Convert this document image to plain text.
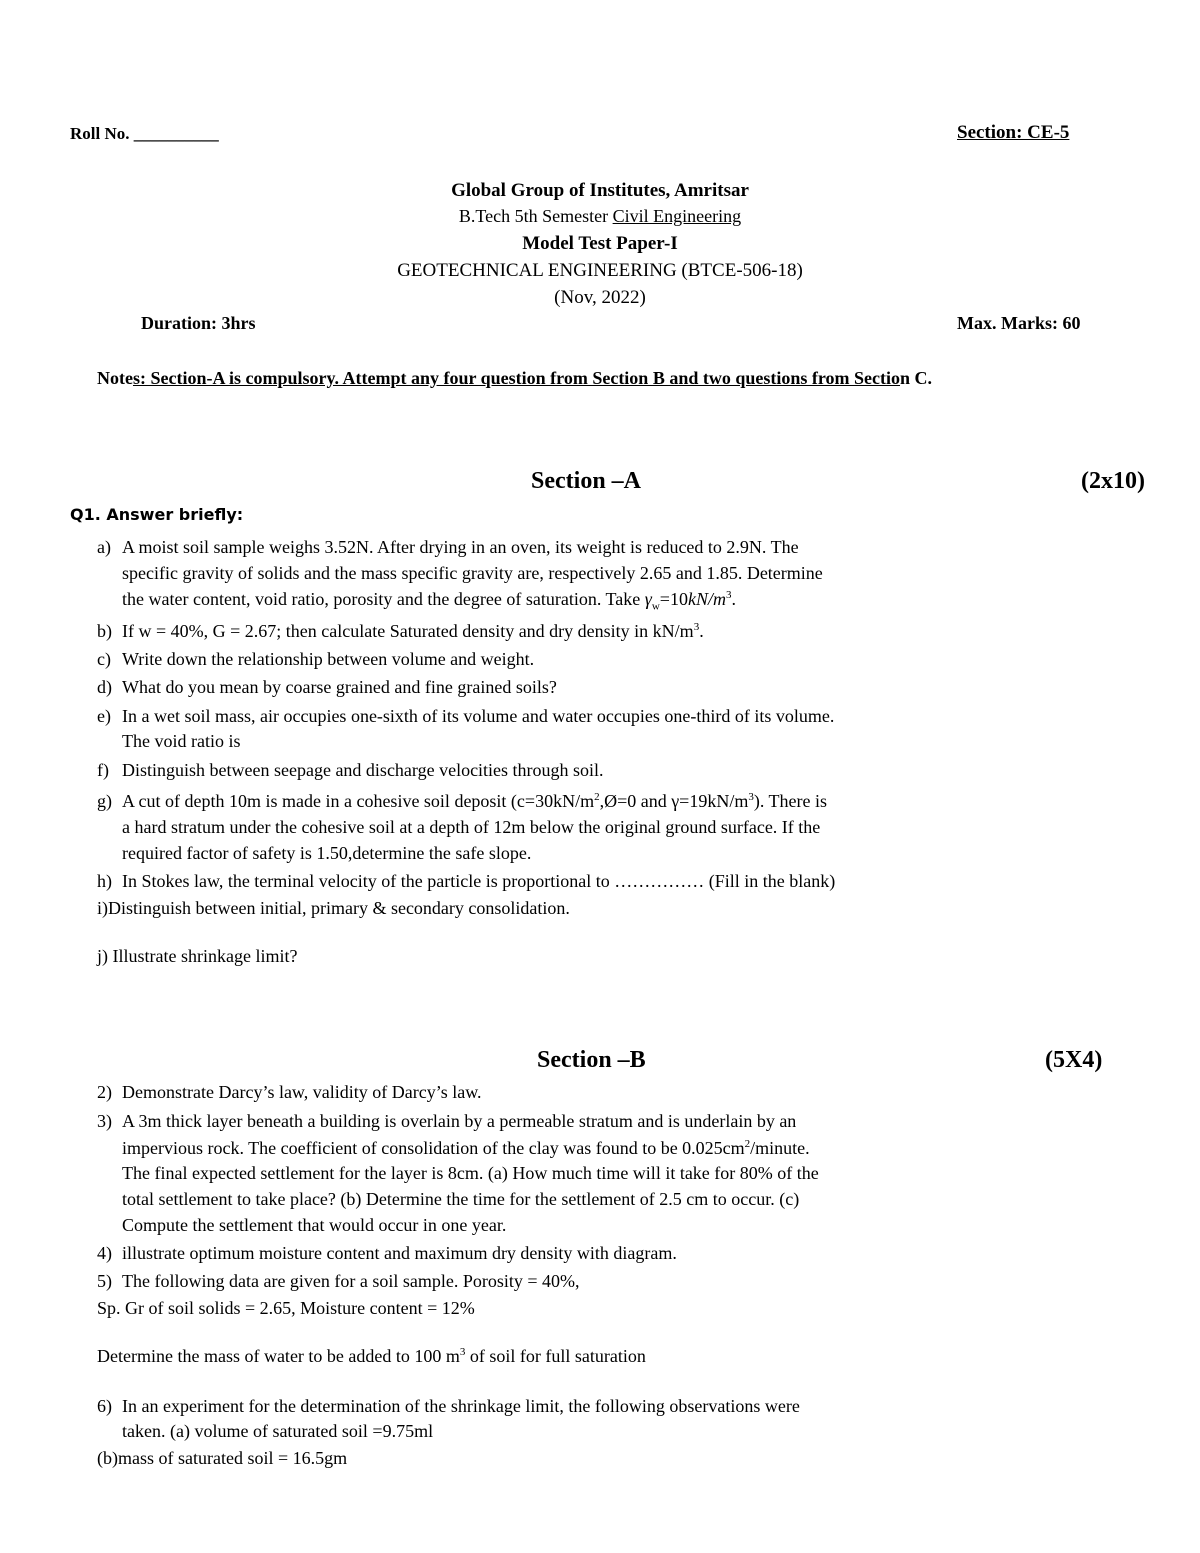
Roll No. __________	Section: CE-5
Global Group of Institutes, Amritsar
B.Tech 5th Semester Civil Engineering
Model Test Paper-I
GEOTECHNICAL ENGINEERING (BTCE-506-18)
(Nov, 2022)
Duration: 3hrs	Max. Marks: 60
Notes: Section-A is compulsory. Attempt any four question from Section B and two questions from Section C.
Section –A	(2x10)
Q1. Answer briefly:
a) A moist soil sample weighs 3.52N. After drying in an oven, its weight is reduced to 2.9N. The
specific gravity of solids and the mass specific gravity are, respectively 2.65 and 1.85. Determine
the water content, void ratio, porosity and the degree of saturation. Take $\gamma_w=10kN/m^3$.
b) If w = 40%, G = 2.67; then calculate Saturated density and dry density in $kN/m^3$.
c) Write down the relationship between volume and weight.
d) What do you mean by coarse grained and fine grained soils?
e) In a wet soil mass, air occupies one-sixth of its volume and water occupies one-third of its volume.
The void ratio is
f) Distinguish between seepage and discharge velocities through soil.
g) A cut of depth 10m is made in a cohesive soil deposit ($c=30kN/m^2,Ø=0$ and $\gamma=19kN/m^3$). There is
a hard stratum under the cohesive soil at a depth of 12m below the original ground surface. If the
required factor of safety is 1.50,determine the safe slope.
h) In Stokes law, the terminal velocity of the particle is proportional to …………… (Fill in the blank)
i)Distinguish between initial, primary & secondary consolidation.
j) Illustrate shrinkage limit?
Section –B	(5X4)
2) Demonstrate Darcy’s law, validity of Darcy’s law.
3) A 3m thick layer beneath a building is overlain by a permeable stratum and is underlain by an
impervious rock. The coefficient of consolidation of the clay was found to be $0.025cm^2$/minute.
The final expected settlement for the layer is 8cm. (a) How much time will it take for 80% of the
total settlement to take place? (b) Determine the time for the settlement of 2.5 cm to occur. (c)
Compute the settlement that would occur in one year.
4) illustrate optimum moisture content and maximum dry density with diagram.
5) The following data are given for a soil sample. Porosity = 40%,
Sp. Gr of soil solids = 2.65, Moisture content = 12%
Determine the mass of water to be added to 100 $m^3$ of soil for full saturation
6) In an experiment for the determination of the shrinkage limit, the following observations were
taken. (a) volume of saturated soil =9.75ml
(b)mass of saturated soil = 16.5gm
